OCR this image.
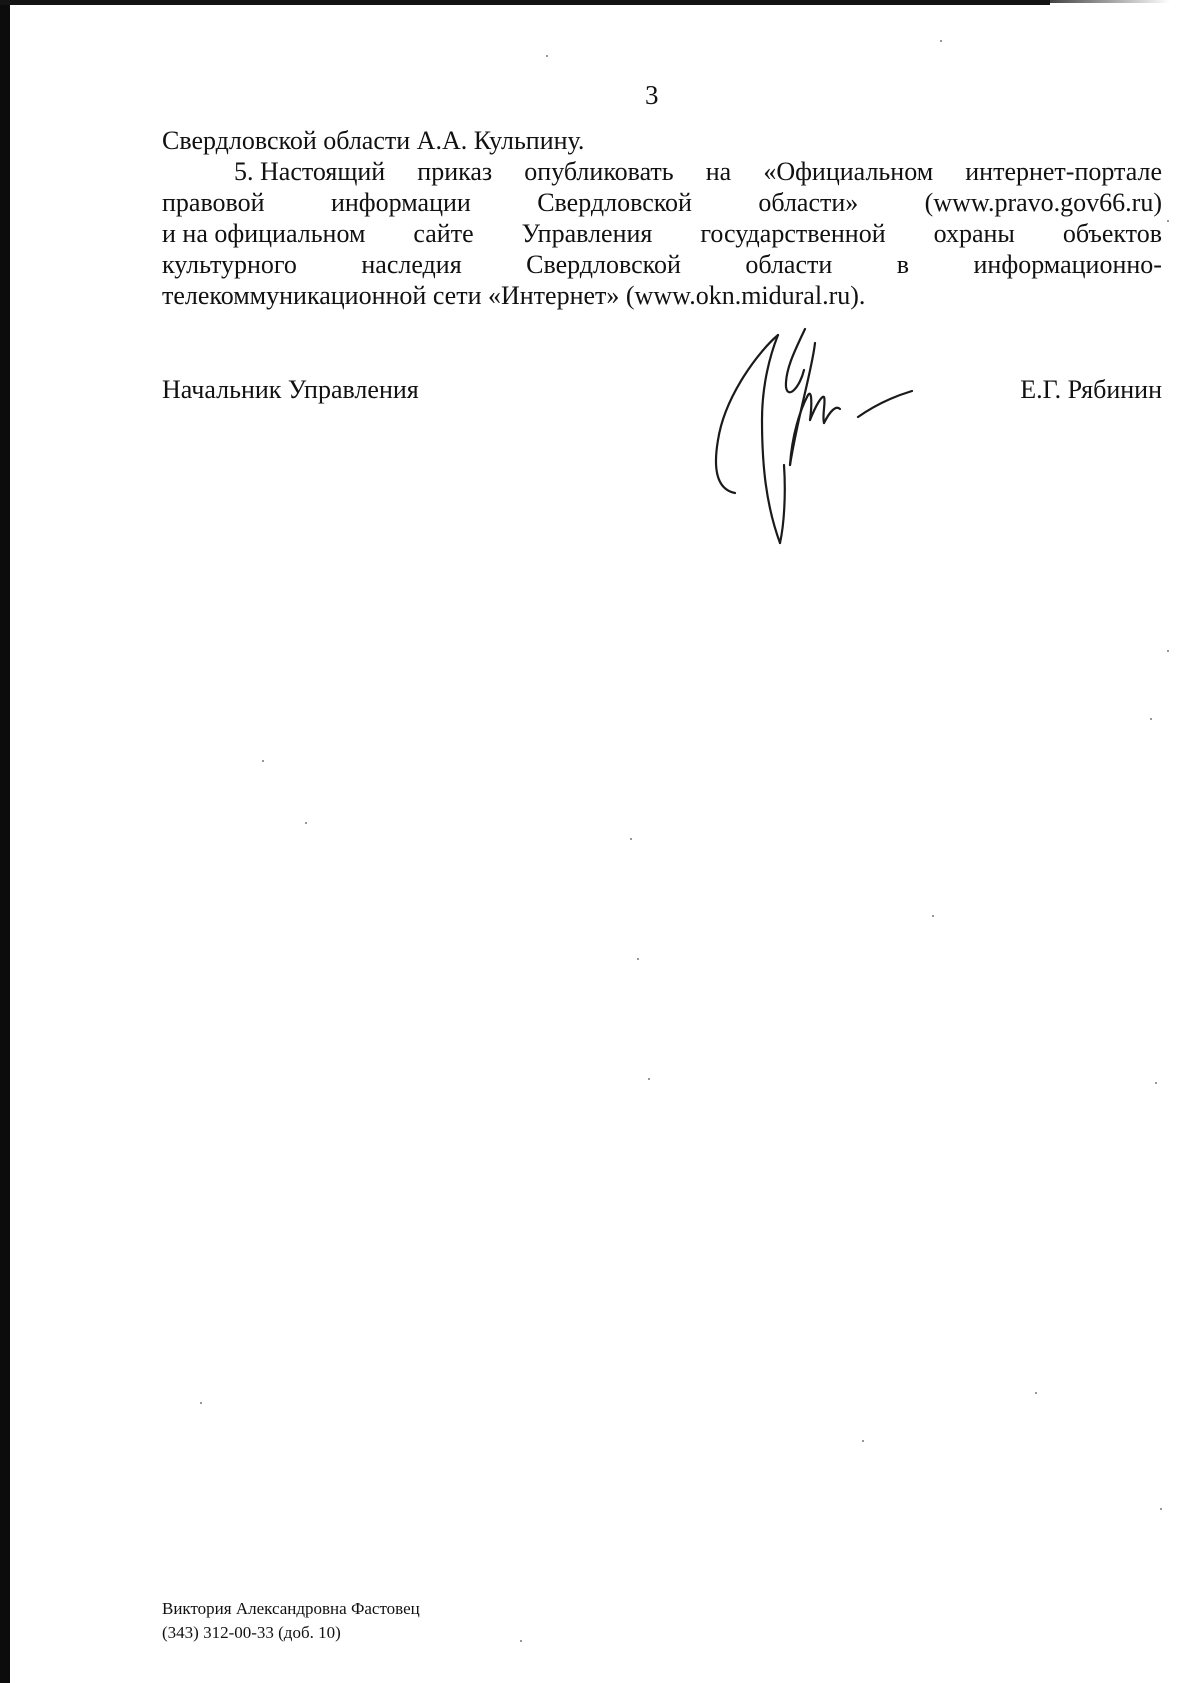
3
Свердловской области А.А. Кульпину.
5. Настоящий приказ опубликовать на «Официальном интернет-портале
правовой	информации	Свердловской	области»	(www.pravo.gov66.ru)
и на официальном сайте Управления государственной охраны объектов
культурного наследия Свердловской области в информационно-
телекоммуникационной сети «Интернет» (www.okn.midural.ru).
Начальник Управления	Е.Г. Рябинин
Виктория Александровна Фастовец
(343) 312-00-33 (доб. 10)
